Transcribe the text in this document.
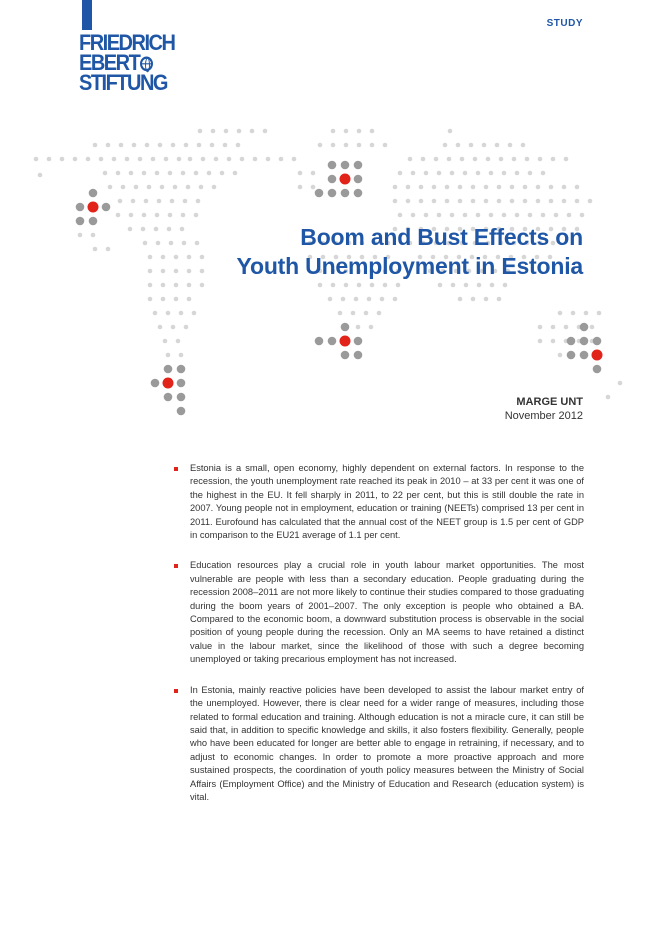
FRIEDRICH
EBERT
STIFTUNG
STUDY
Boom and Bust Effects on
Youth Unemployment in Estonia
MARGE UNT
November 2012
Estonia is a small, open economy, highly dependent on external factors. In response to the recession, the youth unemployment rate reached its peak in 2010 – at 33 per cent it was one of the highest in the EU. It fell sharply in 2011, to 22 per cent, but this is still double the rate in 2007. Young people not in employment, education or training (NEETs) comprised 13 per cent in 2011. Eurofound has calculated that the annual cost of the NEET group is 1.5 per cent of GDP in comparison to the EU21 average of 1.1 per cent.
Education resources play a crucial role in youth labour market opportunities. The most vulnerable are people with less than a secondary education. People graduating during the recession 2008–2011 are not more likely to continue their studies compared to those graduating during the boom years of 2001–2007. The only exception is people who obtained a BA. Compared to the economic boom, a downward substitution process is observable in the social position of young people during the recession. Only an MA seems to have retained a distinct value in the labour market, since the likelihood of those with such a degree becoming unemployed or taking precarious employment has not increased.
In Estonia, mainly reactive policies have been developed to assist the labour market entry of the unemployed. However, there is clear need for a wider range of measures, including those related to formal education and training. Although education is not a miracle cure, it can still be said that, in addition to specific knowledge and skills, it also fosters flexibility. Generally, people who have been educated for longer are better able to engage in retraining, if necessary, and to adjust to economic changes. In order to promote a more proactive approach and more sustained prospects, the coordination of youth policy measures between the Ministry of Social Affairs (Employment Office) and the Ministry of Education and Research (education system) is vital.
